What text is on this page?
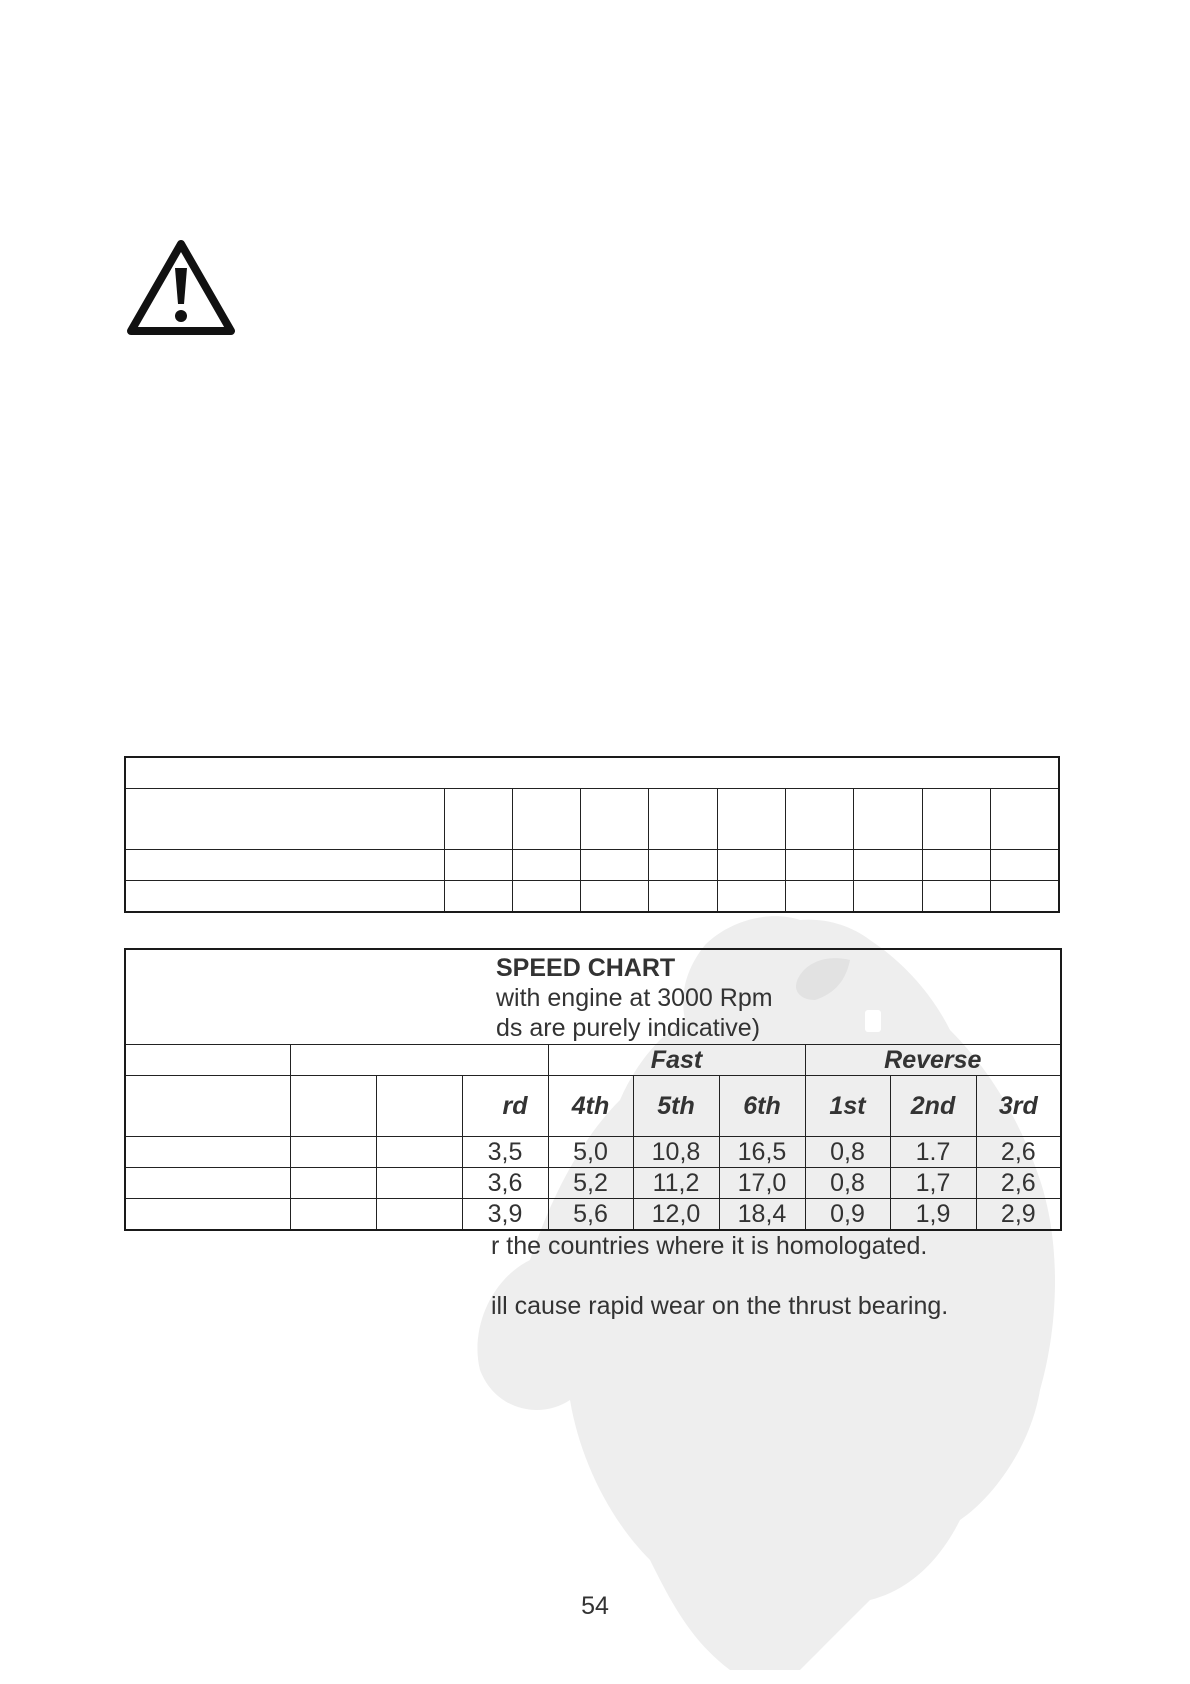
SPEED CHART
with engine at 3000 Rpm
ds are purely indicative)									

				Fast			Reverse		
			rd	4th	5th	6th	1st	2nd	3rd
			3,5	5,0	10,8	16,5	0,8	1.7	2,6
			3,6	5,2	11,2	17,0	0,8	1,7	2,6
			3,9	5,6	12,0	18,4	0,9	1,9	2,9
r the countries where it is homologated.
ill cause rapid wear on the thrust bearing.
54
